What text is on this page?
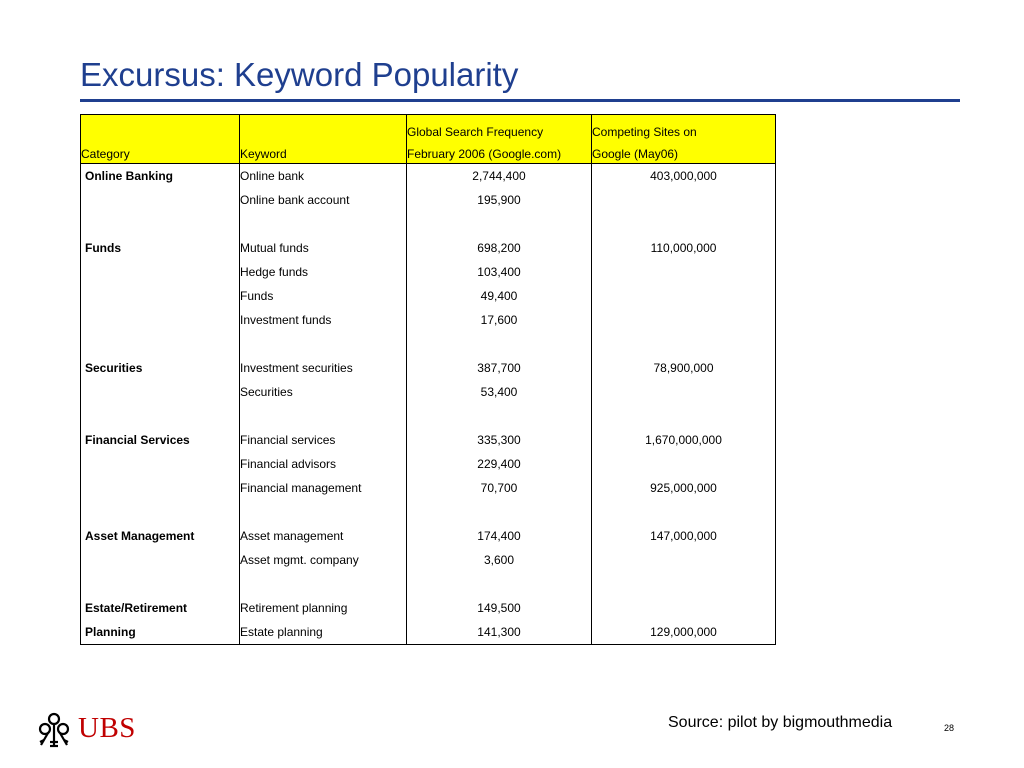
Excursus: Keyword Popularity
		Global Search Frequency	Competing Sites on
Category	Keyword	February 2006 (Google.com)	Google (May06)
Online Banking	Online bank	2,744,400	403,000,000
	Online bank account	195,900	

Funds	Mutual funds	698,200	110,000,000
	Hedge funds	103,400	
	Funds	49,400	
	Investment funds	17,600	

Securities	Investment securities	387,700	78,900,000
	Securities	53,400	

Financial Services	Financial services	335,300	1,670,000,000
	Financial advisors	229,400	
	Financial management	70,700	925,000,000

Asset Management	Asset management	174,400	147,000,000
	Asset mgmt. company	3,600	

Estate/Retirement	Retirement planning	149,500	
Planning	Estate planning	141,300	129,000,000
UBS	Source: pilot by bigmouthmedia	28
